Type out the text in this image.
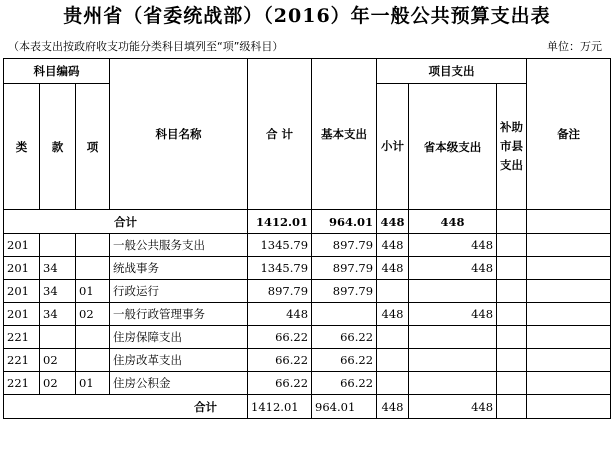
贵州省（省委统战部）（2016）年一般公共预算支出表
（本表支出按政府收支功能分类科目填列至“项”级科目）	单位：万元
科目编码			科目名称	合 计	基本支出	项目支出			备注
类	款	项				小计	省本级支出	补助市县支出	
合计				1412.01	964.01	448	448		
201			一般公共服务支出	1345.79	897.79	448	448		
201	34		统战事务	1345.79	897.79	448	448		
201	34	01	行政运行	897.79	897.79				
201	34	02	一般行政管理事务	448		448	448		
221			住房保障支出	66.22	66.22				
221	02		住房改革支出	66.22	66.22				
221	02	01	住房公积金	66.22	66.22				
合计				1412.01	964.01	448	448		
